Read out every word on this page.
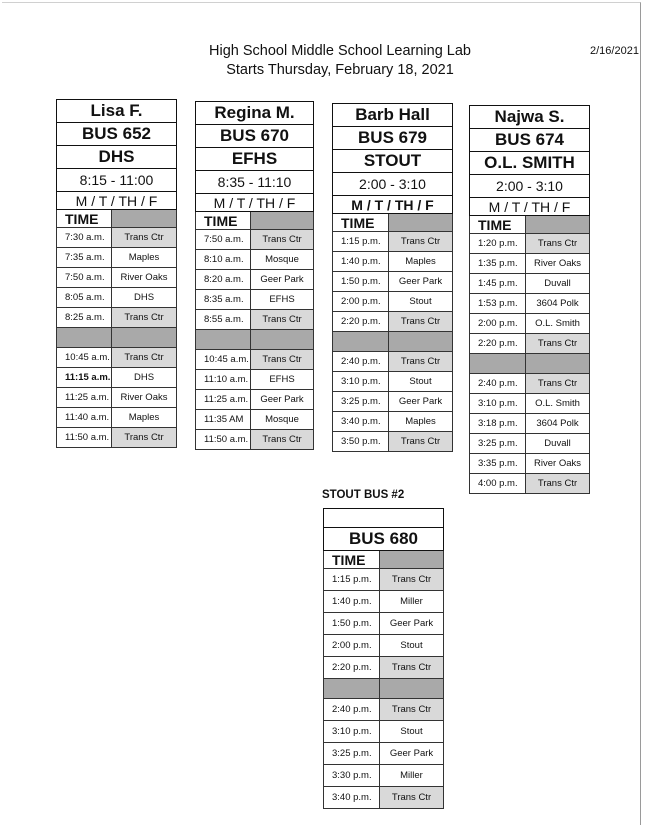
High School Middle School Learning Lab
Starts Thursday, February 18, 2021
2/16/2021
Lisa F.	
BUS 652	
DHS	
8:15 - 11:00	
M / T / TH / F	
TIME	
7:30 a.m.	Trans Ctr
7:35 a.m.	Maples
7:50 a.m.	River Oaks
8:05 a.m.	DHS
8:25 a.m.	Trans Ctr

10:45 a.m.	Trans Ctr
11:15 a.m.	DHS
11:25 a.m.	River Oaks
11:40 a.m.	Maples
11:50 a.m.	Trans Ctr
Regina M.	
BUS 670	
EFHS	
8:35 - 11:10	
M / T / TH / F	
TIME	
7:50 a.m.	Trans Ctr
8:10 a.m.	Mosque
8:20 a.m.	Geer Park
8:35 a.m.	EFHS
8:55 a.m.	Trans Ctr

10:45 a.m.	Trans Ctr
11:10 a.m.	EFHS
11:25 a.m.	Geer Park
11:35 AM	Mosque
11:50 a.m.	Trans Ctr
Barb Hall	
BUS 679	
STOUT	
2:00 - 3:10	
M / T / TH / F	
TIME	
1:15 p.m.	Trans Ctr
1:40 p.m.	Maples
1:50 p.m.	Geer Park
2:00 p.m.	Stout
2:20 p.m.	Trans Ctr

2:40 p.m.	Trans Ctr
3:10 p.m.	Stout
3:25 p.m.	Geer Park
3:40 p.m.	Maples
3:50 p.m.	Trans Ctr
Najwa S.	
BUS 674	
O.L. SMITH	
2:00 - 3:10	
M / T / TH / F	
TIME	
1:20 p.m.	Trans Ctr
1:35 p.m.	River Oaks
1:45 p.m.	Duvall
1:53 p.m.	3604 Polk
2:00 p.m.	O.L. Smith
2:20 p.m.	Trans Ctr

2:40 p.m.	Trans Ctr
3:10 p.m.	O.L. Smith
3:18 p.m.	3604 Polk
3:25 p.m.	Duvall
3:35 p.m.	River Oaks
4:00 p.m.	Trans Ctr
STOUT BUS #2

BUS 680	
TIME	
1:15 p.m.	Trans Ctr
1:40 p.m.	Miller
1:50 p.m.	Geer Park
2:00 p.m.	Stout
2:20 p.m.	Trans Ctr

2:40 p.m.	Trans Ctr
3:10 p.m.	Stout
3:25 p.m.	Geer Park
3:30 p.m.	Miller
3:40 p.m.	Trans Ctr
